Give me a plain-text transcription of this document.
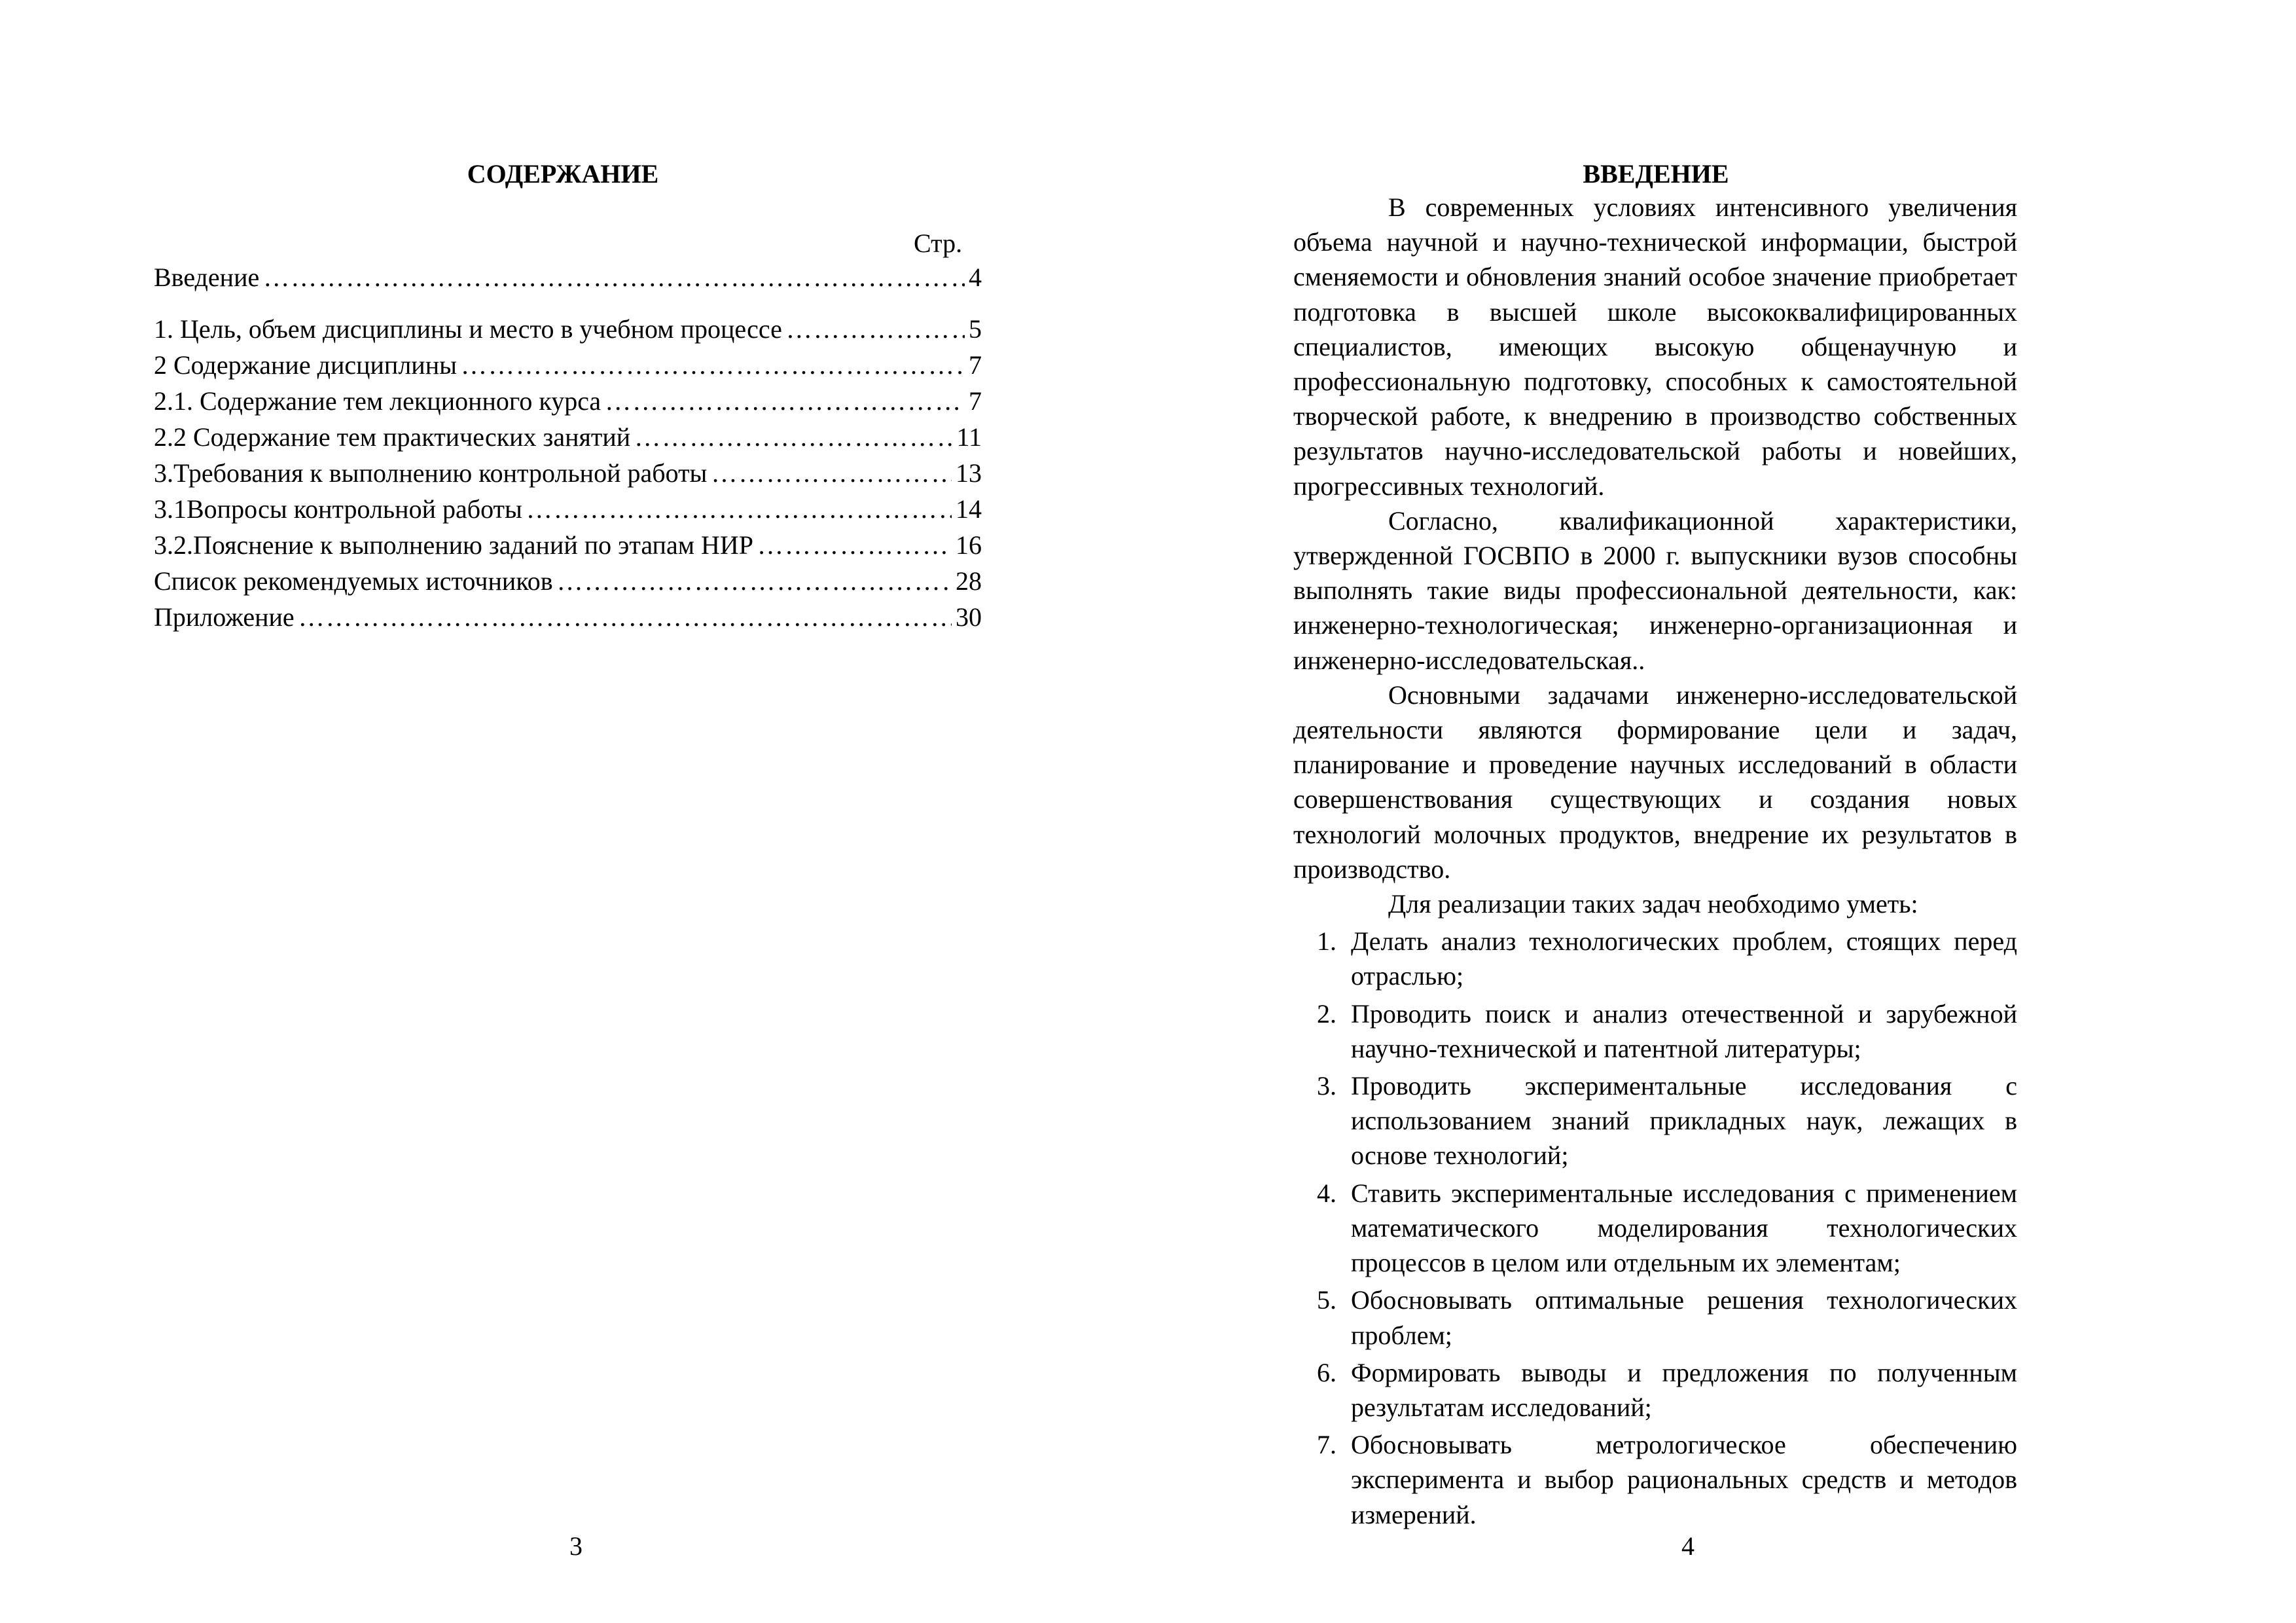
СОДЕРЖАНИЕ
Стр.
Введение …………………………………………………………………………………………………………………………………………………………………………………	4
1. Цель, объем дисциплины и место в учебном процессе …………………………………………………………………………………………………………………………………………………………………………………	5
2 Содержание дисциплины …………………………………………………………………………………………………………………………………………………………………………………	7
2.1. Содержание тем лекционного курса …………………………………………………………………………………………………………………………………………………………………………………	7
2.2 Содержание тем практических занятий …………………………………………………………………………………………………………………………………………………………………………………	11
3.Требования к выполнению контрольной работы …………………………………………………………………………………………………………………………………………………………………………………	13
3.1Вопросы контрольной работы …………………………………………………………………………………………………………………………………………………………………………………	14
3.2.Пояснение к выполнению заданий по этапам НИР …………………………………………………………………………………………………………………………………………………………………………………	16
Список рекомендуемых источников …………………………………………………………………………………………………………………………………………………………………………………	28
Приложение …………………………………………………………………………………………………………………………………………………………………………………	30
3
ВВЕДЕНИЕ

В современных условиях интенсивного увеличения объема научной и научно-технической информации, быстрой сменяемости и обновления знаний особое значение приобретает подготовка в высшей школе высококвалифицированных специалистов, имеющих высокую общенаучную и профессиональную подготовку, способных к самостоятельной творческой работе, к внедрению в производство собственных результатов научно-исследовательской работы и новейших, прогрессивных технологий.

Согласно, квалификационной характеристики, утвержденной ГОСВПО в 2000 г. выпускники вузов способны выполнять такие виды профессиональной деятельности, как: инженерно-технологическая; инженерно-организационная и инженерно-исследовательская..

Основными задачами инженерно-исследовательской деятельности являются формирование цели и задач, планирование и проведение научных исследований в области совершенствования существующих и создания новых технологий молочных продуктов, внедрение их результатов в производство.

Для реализации таких задач необходимо уметь:

1. Делать анализ технологических проблем, стоящих перед отраслью;
2. Проводить поиск и анализ отечественной и зарубежной научно-технической и патентной литературы;
3. Проводить экспериментальные исследования с использованием знаний прикладных наук, лежащих в основе технологий;
4. Ставить экспериментальные исследования с применением математического моделирования технологических процессов в целом или отдельным их элементам;
5. Обосновывать оптимальные решения технологических проблем;
6. Формировать выводы и предложения по полученным результатам исследований;
7. Обосновывать метрологическое обеспечению эксперимента и выбор рациональных средств и методов измерений.
4
